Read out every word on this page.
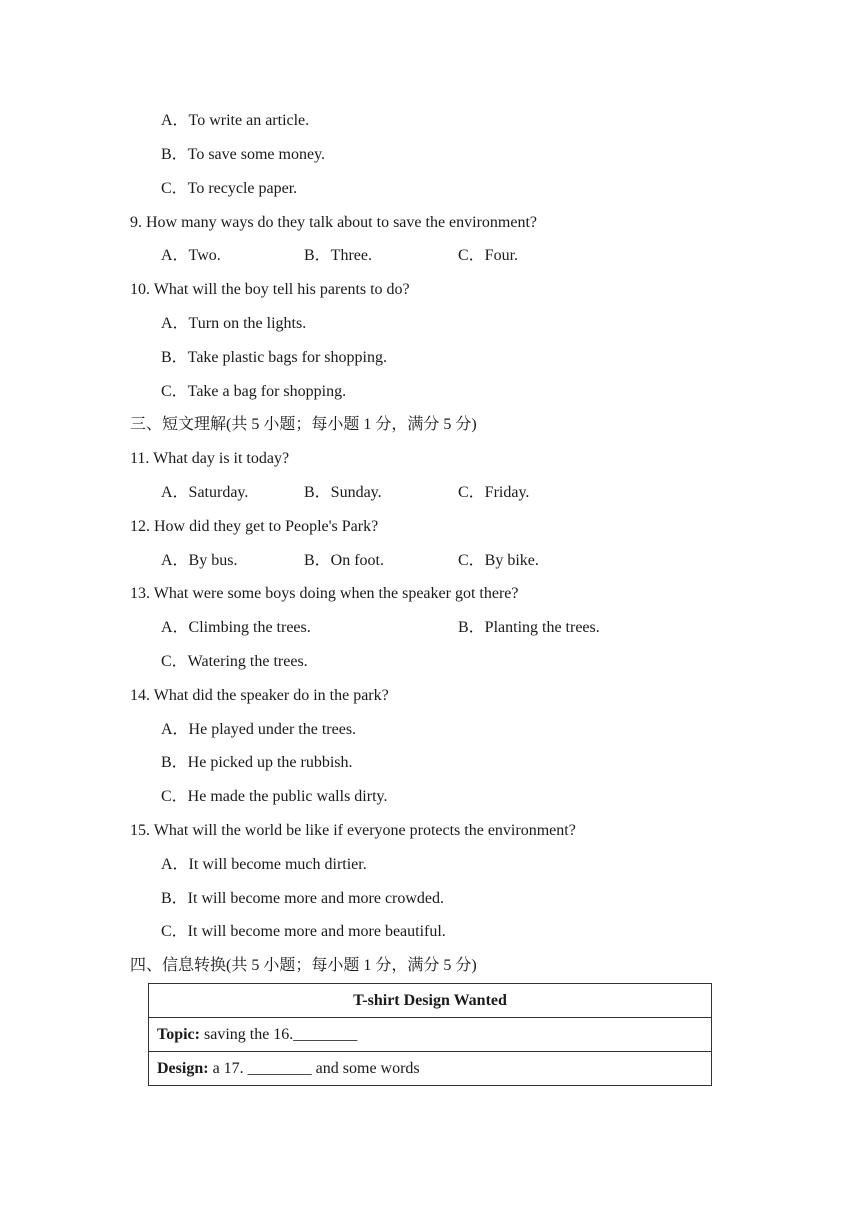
A．To write an article.
B．To save some money.
C．To recycle paper.
9. How many ways do they talk about to save the environment?
A．Two.	B．Three.	C．Four.
10. What will the boy tell his parents to do?
A．Turn on the lights.
B．Take plastic bags for shopping.
C．Take a bag for shopping.
三、短文理解(共 5 小题；每小题 1 分，满分 5 分)
11. What day is it today?
A．Saturday.	B．Sunday.	C．Friday.
12. How did they get to People's Park?
A．By bus.	B．On foot.	C．By bike.
13. What were some boys doing when the speaker got there?
A．Climbing the trees.	B．Planting the trees.
C．Watering the trees.
14. What did the speaker do in the park?
A．He played under the trees.
B．He picked up the rubbish.
C．He made the public walls dirty.
15. What will the world be like if everyone protects the environment?
A．It will become much dirtier.
B．It will become more and more crowded.
C．It will become more and more beautiful.
四、信息转换(共 5 小题；每小题 1 分，满分 5 分)
T-shirt Design Wanted
Topic: saving the 16.________
Design: a 17. ________ and some words
